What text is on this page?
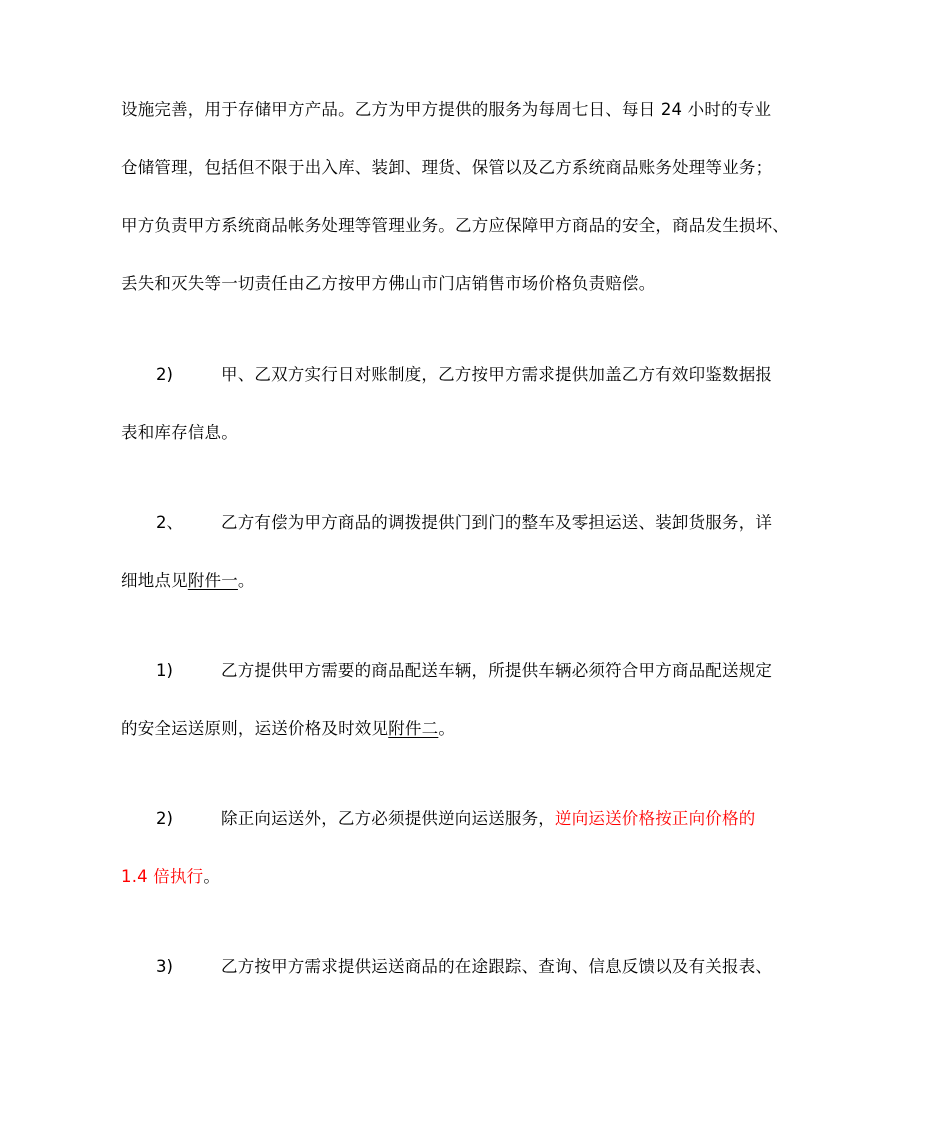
设施完善，用于存储甲方产品。乙方为甲方提供的服务为每周七日、每日 24 小时的专业
仓储管理，包括但不限于出入库、装卸、理货、保管以及乙方系统商品账务处理等业务；
甲方负责甲方系统商品帐务处理等管理业务。乙方应保障甲方商品的安全，商品发生损坏、
丢失和灭失等一切责任由乙方按甲方佛山市门店销售市场价格负责赔偿。
2)	甲、乙双方实行日对账制度，乙方按甲方需求提供加盖乙方有效印鉴数据报
表和库存信息。
2、 乙方有偿为甲方商品的调拨提供门到门的整车及零担运送、装卸货服务，详
细地点见附件一。
1)	乙方提供甲方需要的商品配送车辆，所提供车辆必须符合甲方商品配送规定
的安全运送原则，运送价格及时效见附件二。
2)	除正向运送外，乙方必须提供逆向运送服务，逆向运送价格按正向价格的
1.4 倍执行。
3)	乙方按甲方需求提供运送商品的在途跟踪、查询、信息反馈以及有关报表、
